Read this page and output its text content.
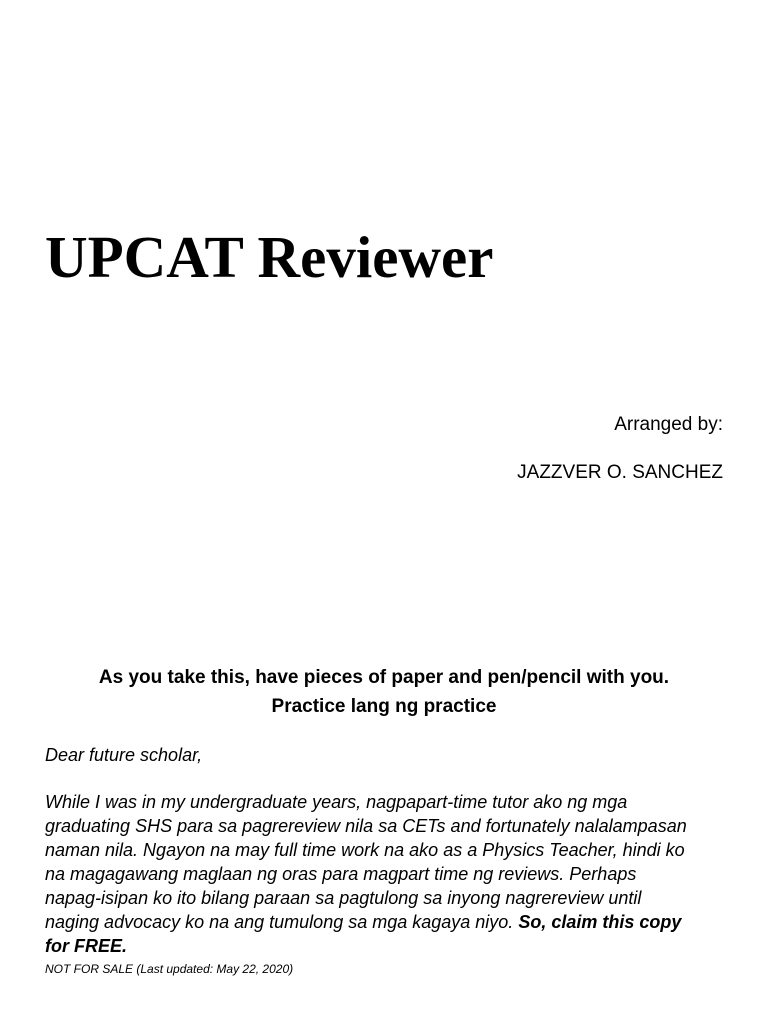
UPCAT Reviewer
Arranged by:
JAZZVER O. SANCHEZ
As you take this, have pieces of paper and pen/pencil with you.
Practice lang ng practice
Dear future scholar,
While I was in my undergraduate years, nagpapart-time tutor ako ng mga
graduating SHS para sa pagrereview nila sa CETs and fortunately nalalampasan
naman nila. Ngayon na may full time work na ako as a Physics Teacher, hindi ko
na magagawang maglaan ng oras para magpart time ng reviews. Perhaps
napag-isipan ko ito bilang paraan sa pagtulong sa inyong nagrereview until
naging advocacy ko na ang tumulong sa mga kagaya niyo. So, claim this copy
for FREE.
NOT FOR SALE (Last updated: May 22, 2020)
